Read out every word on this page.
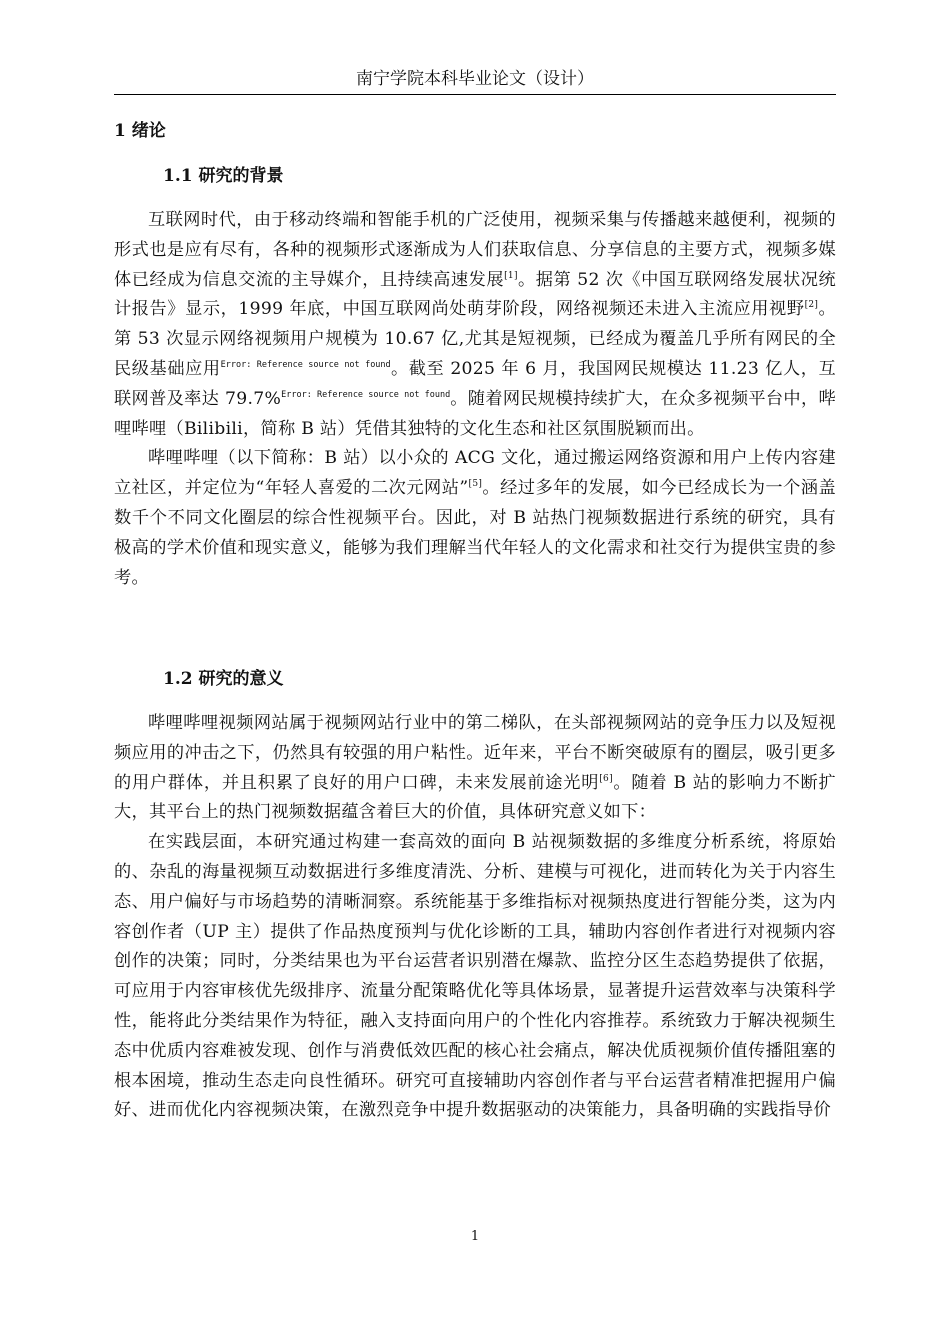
南宁学院本科毕业论文（设计）
1 绪论
1.1 研究的背景

互联网时代，由于移动终端和智能手机的广泛使用，视频采集与传播越来越便利，视频的形式也是应有尽有，各种的视频形式逐渐成为人们获取信息、分享信息的主要方式，视频多媒体已经成为信息交流的主导媒介，且持续高速发展[1]。据第 52 次《中国互联网络发展状况统计报告》显示，1999 年底，中国互联网尚处萌芽阶段，网络视频还未进入主流应用视野[2]。第 53 次显示网络视频用户规模为 10.67 亿,尤其是短视频，已经成为覆盖几乎所有网民的全民级基础应用$^{Error: Reference source not found}$。截至 2025 年 6 月，我国网民规模达 11.23 亿人，互联网普及率达 79.7%$^{Error: Reference source not found}$。随着网民规模持续扩大，在众多视频平台中，哔哩哔哩（Bilibili，简称 B 站）凭借其独特的文化生态和社区氛围脱颖而出。

哔哩哔哩（以下简称：B 站）以小众的 ACG 文化，通过搬运网络资源和用户上传内容建立社区，并定位为“年轻人喜爱的二次元网站”[5]。经过多年的发展，如今已经成长为一个涵盖数千个不同文化圈层的综合性视频平台。因此，对 B 站热门视频数据进行系统的研究，具有极高的学术价值和现实意义，能够为我们理解当代年轻人的文化需求和社交行为提供宝贵的参考。

1.2 研究的意义

哔哩哔哩视频网站属于视频网站行业中的第二梯队，在头部视频网站的竞争压力以及短视频应用的冲击之下，仍然具有较强的用户粘性。近年来，平台不断突破原有的圈层，吸引更多的用户群体，并且积累了良好的用户口碑，未来发展前途光明[6]。随着 B 站的影响力不断扩大，其平台上的热门视频数据蕴含着巨大的价值，具体研究意义如下：

在实践层面，本研究通过构建一套高效的面向 B 站视频数据的多维度分析系统，将原始的、杂乱的海量视频互动数据进行多维度清洗、分析、建模与可视化，进而转化为关于内容生态、用户偏好与市场趋势的清晰洞察。系统能基于多维指标对视频热度进行智能分类，这为内容创作者（UP 主）提供了作品热度预判与优化诊断的工具，辅助内容创作者进行对视频内容创作的决策；同时，分类结果也为平台运营者识别潜在爆款、监控分区生态趋势提供了依据，可应用于内容审核优先级排序、流量分配策略优化等具体场景，显著提升运营效率与决策科学性，能将此分类结果作为特征，融入支持面向用户的个性化内容推荐。系统致力于解决视频生态中优质内容难被发现、创作与消费低效匹配的核心社会痛点，解决优质视频价值传播阻塞的根本困境，推动生态走向良性循环。研究可直接辅助内容创作者与平台运营者精准把握用户偏好、进而优化内容视频决策，在激烈竞争中提升数据驱动的决策能力，具备明确的实践指导价

1
